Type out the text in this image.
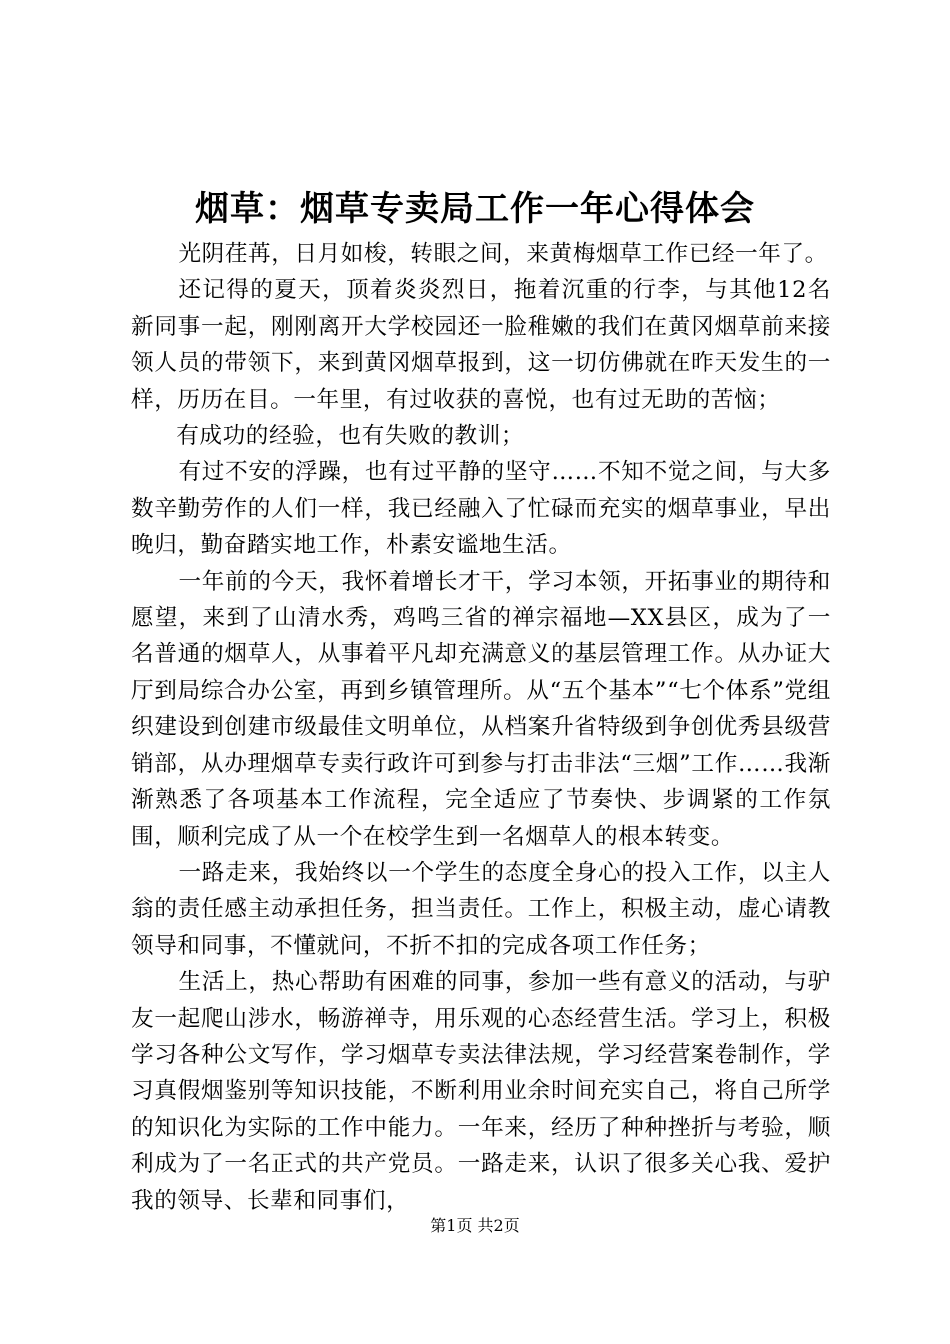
烟草：烟草专卖局工作一年心得体会

光阴荏苒，日月如梭，转眼之间，来黄梅烟草工作已经一年了。

还记得的夏天，顶着炎炎烈日，拖着沉重的行李，与其他12名新同事一起，刚刚离开大学校园还一脸稚嫩的我们在黄冈烟草前来接领人员的带领下，来到黄冈烟草报到，这一切仿佛就在昨天发生的一样，历历在目。一年里，有过收获的喜悦，也有过无助的苦恼；

有成功的经验，也有失败的教训；

有过不安的浮躁，也有过平静的坚守……不知不觉之间，与大多数辛勤劳作的人们一样，我已经融入了忙碌而充实的烟草事业，早出晚归，勤奋踏实地工作，朴素安谧地生活。

一年前的今天，我怀着增长才干，学习本领，开拓事业的期待和愿望，来到了山清水秀，鸡鸣三省的禅宗福地—XX县区，成为了一名普通的烟草人，从事着平凡却充满意义的基层管理工作。从办证大厅到局综合办公室，再到乡镇管理所。从“五个基本”“七个体系”党组织建设到创建市级最佳文明单位，从档案升省特级到争创优秀县级营销部，从办理烟草专卖行政许可到参与打击非法“三烟”工作……我渐渐熟悉了各项基本工作流程，完全适应了节奏快、步调紧的工作氛围，顺利完成了从一个在校学生到一名烟草人的根本转变。

一路走来，我始终以一个学生的态度全身心的投入工作，以主人翁的责任感主动承担任务，担当责任。工作上，积极主动，虚心请教领导和同事，不懂就问，不折不扣的完成各项工作任务；

生活上，热心帮助有困难的同事，参加一些有意义的活动，与驴友一起爬山涉水，畅游禅寺，用乐观的心态经营生活。学习上，积极学习各种公文写作，学习烟草专卖法律法规，学习经营案卷制作，学习真假烟鉴别等知识技能，不断利用业余时间充实自己，将自己所学的知识化为实际的工作中能力。一年来，经历了种种挫折与考验，顺利成为了一名正式的共产党员。一路走来，认识了很多关心我、爱护我的领导、长辈和同事们，

第1页 共2页
